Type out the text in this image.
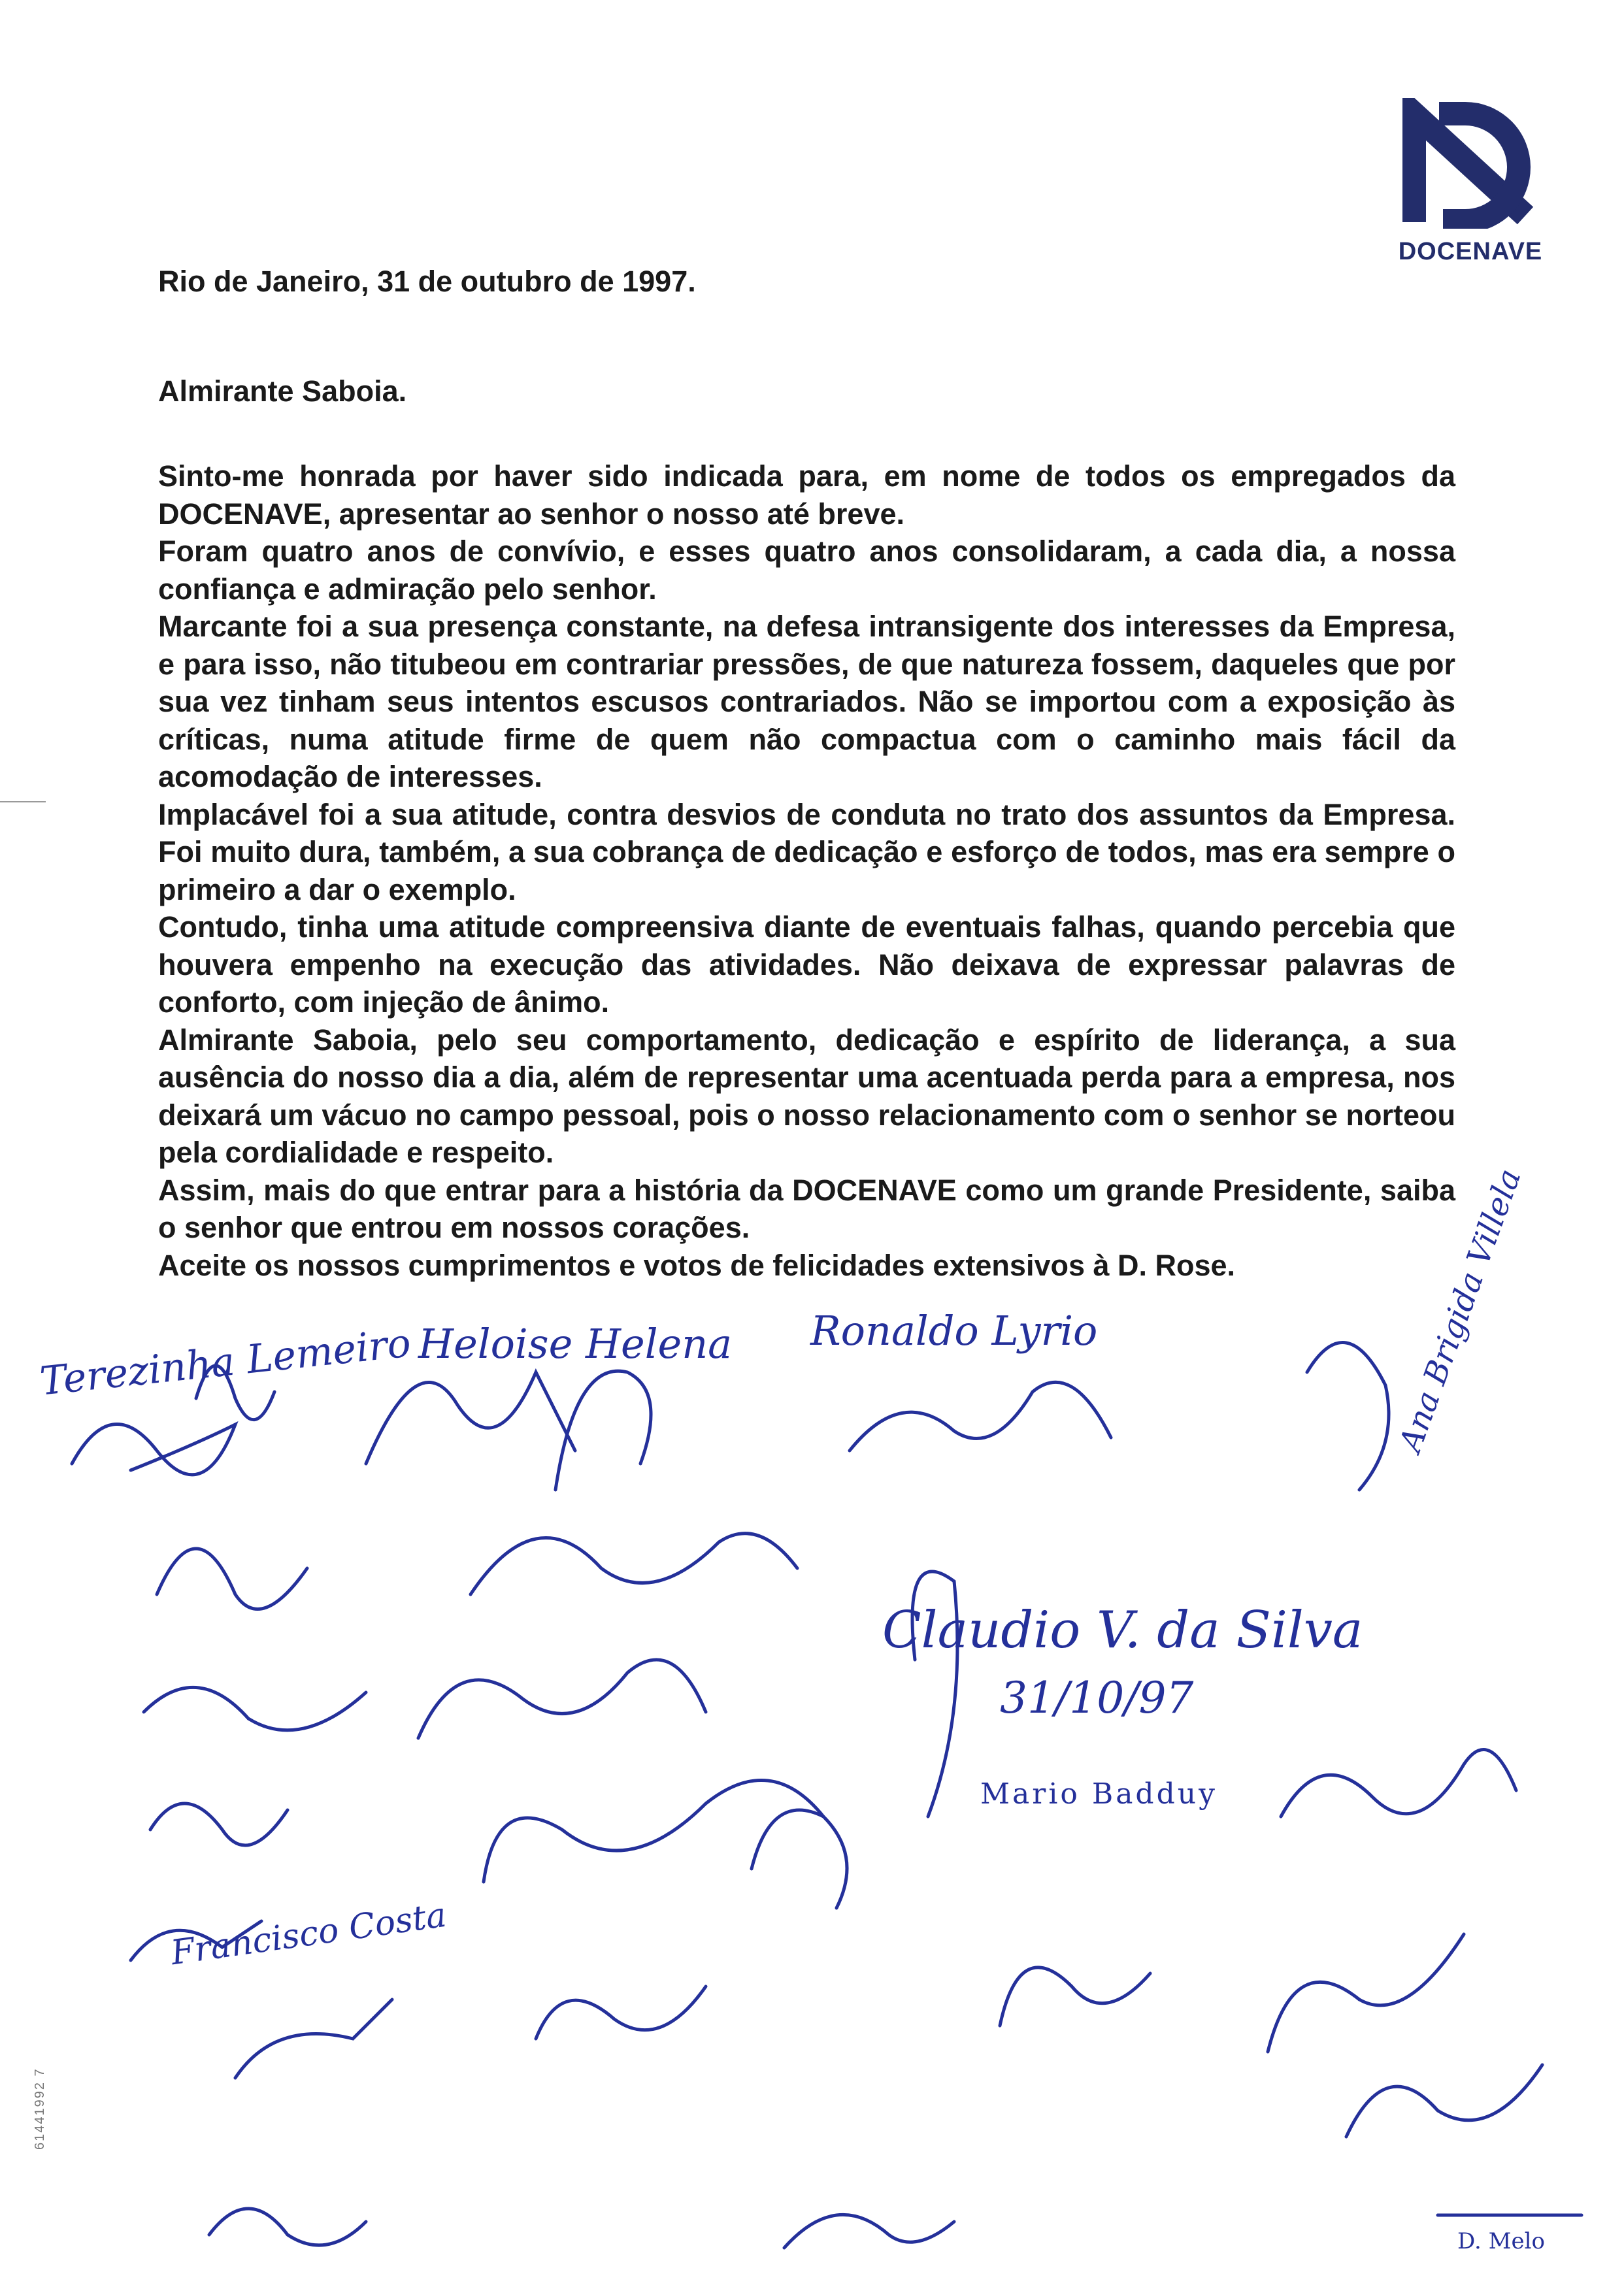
DOCENAVE
Rio de Janeiro, 31 de outubro de 1997.
Almirante Saboia.

Sinto-me honrada por haver sido indicada para, em nome de todos os empregados da DOCENAVE, apresentar ao senhor o nosso até breve.

Foram quatro anos de convívio, e esses quatro anos consolidaram, a cada dia, a nossa confiança e admiração pelo senhor.

Marcante foi a sua presença constante, na defesa intransigente dos interesses da Empresa, e para isso, não titubeou em contrariar pressões, de que natureza fossem, daqueles que por sua vez tinham seus intentos escusos contrariados. Não se importou com a exposição às críticas, numa atitude firme de quem não compactua com o caminho mais fácil da acomodação de interesses.

Implacável foi a sua atitude, contra desvios de conduta no trato dos assuntos da Empresa. Foi muito dura, também, a sua cobrança de dedicação e esforço de todos, mas era sempre o primeiro a dar o exemplo.

Contudo, tinha uma atitude compreensiva diante de eventuais falhas, quando percebia que houvera empenho na execução das atividades. Não deixava de expressar palavras de conforto, com injeção de ânimo.

Almirante Saboia, pelo seu comportamento, dedicação e espírito de liderança, a sua ausência do nosso dia a dia, além de representar uma acentuada perda para a empresa, nos deixará um vácuo no campo pessoal, pois o nosso relacionamento com o senhor se norteou pela cordialidade e respeito.

Assim, mais do que entrar para a história da DOCENAVE como um grande Presidente, saiba o senhor que entrou em nossos corações.

Aceite os nossos cumprimentos e votos de felicidades extensivos à D. Rose.

Terezinha Lemeiro Heloise Helena Ronaldo Lyrio
Claudio V. da Silva
31/10/97
Mario Badduy
Ana Brigida Villela
Francisco Costa
D. Melo
61441992 7
